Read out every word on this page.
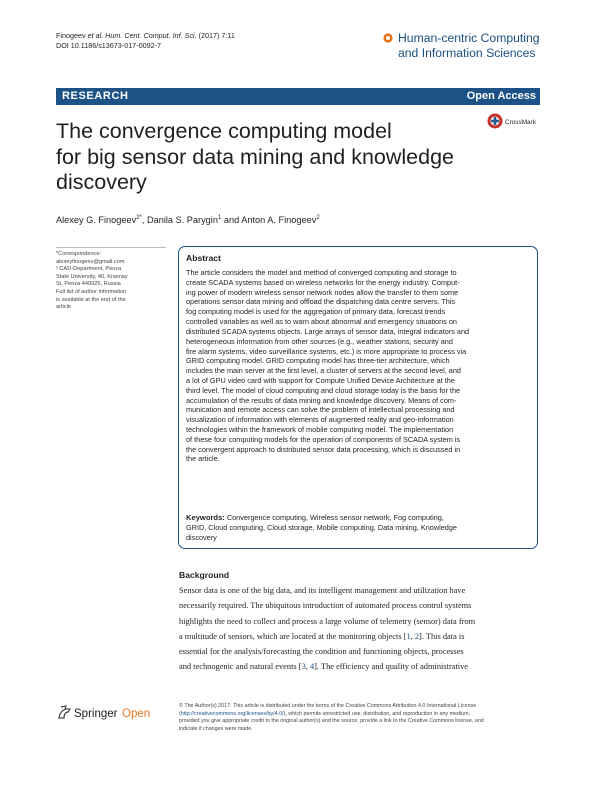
Finogeev et al. Hum. Cent. Comput. Inf. Sci. (2017) 7:11
DOI 10.1186/s13673-017-0092-7
Human-centric Computing
and Information Sciences
RESEARCH	Open Access
The convergence computing model
for big sensor data mining and knowledge
discovery
CrossMark
Alexey G. Finogeev$^{2*}$, Danila S. Parygin$^1$ and Anton A. Finogeev$^2$
*Correspondence:
alexeyfinogeev@gmail.com
² CAD-Department, Penza
State University, 40, Krasnay
St, Penza 440025, Russia
Full list of author information
is available at the end of the
article
Abstract
The article considers the model and method of converged computing and storage to
create SCADA systems based on wireless networks for the energy industry. Comput-
ing power of modern wireless sensor network nodes allow the transfer to them some
operations sensor data mining and offload the dispatching data centre servers. This
fog computing model is used for the aggregation of primary data, forecast trends
controlled variables as well as to warn about abnormal and emergency situations on
distributed SCADA systems objects. Large arrays of sensor data, integral indicators and
heterogeneous information from other sources (e.g., weather stations, security and
fire alarm systems, video surveillance systems, etc.) is more appropriate to process via
GRID computing model. GRID computing model has three-tier architecture, which
includes the main server at the first level, a cluster of servers at the second level, and
a lot of GPU video card with support for Compute Unified Device Architecture at the
third level. The model of cloud computing and cloud storage today is the basis for the
accumulation of the results of data mining and knowledge discovery. Means of com-
munication and remote access can solve the problem of intellectual processing and
visualization of information with elements of augmented reality and geo-information
technologies within the framework of mobile computing model. The implementation
of these four computing models for the operation of components of SCADA system is
the convergent approach to distributed sensor data processing, which is discussed in
the article.
Keywords: Convergence computing, Wireless sensor network, Fog computing,
GRID, Cloud computing, Cloud storage, Mobile computing, Data mining, Knowledge
discovery
Background
Sensor data is one of the big data, and its intelligent management and utilization have
necessarily required. The ubiquitous introduction of automated process control systems
highlights the need to collect and process a large volume of telemetry (sensor) data from
a multitude of sensors, which are located at the monitoring objects [1, 2]. This data is
essential for the analysis/forecasting the condition and functioning objects, processes
and technogenic and natural events [3, 4]. The efficiency and quality of administrative
Springer Open
© The Author(s) 2017. This article is distributed under the terms of the Creative Commons Attribution 4.0 International License
(http://creativecommons.org/licenses/by/4.0/), which permits unrestricted use, distribution, and reproduction in any medium,
provided you give appropriate credit to the original author(s) and the source, provide a link to the Creative Commons license, and
indicate if changes were made.
